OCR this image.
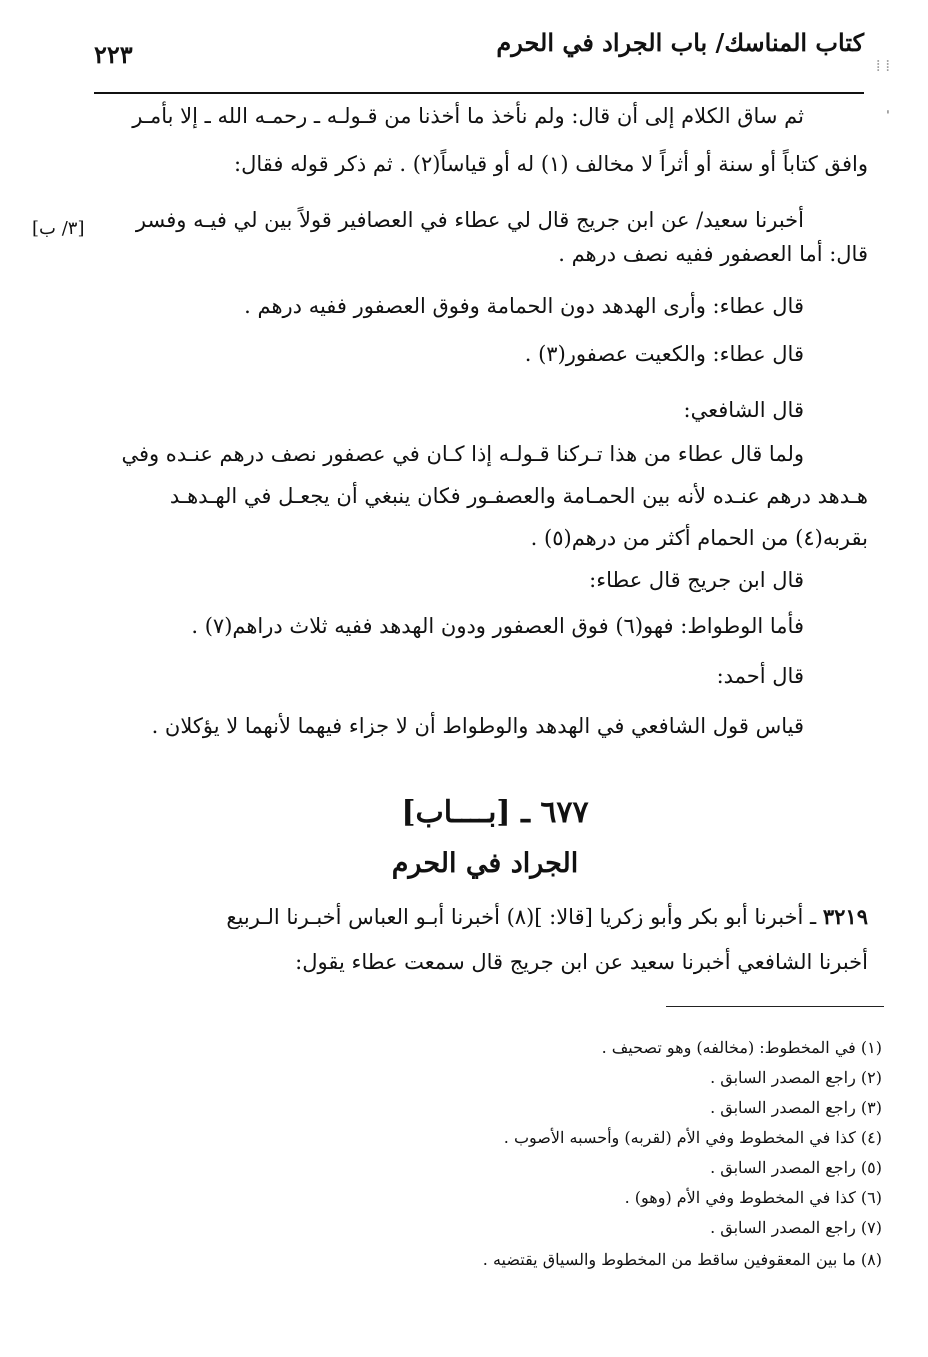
كتاب المناسك/ باب الجراد في الحرم
٢٢٣	⁞ ⁞
ˌ
ثم ساق الكلام إلى أن قال: ولم نأخذ ما أخذنا من قـولـه ـ رحمـه الله ـ إلا بأمـر
وافق كتاباً أو سنة أو أثراً لا مخالف (١) له أو قياساً(٢) . ثم ذكر قوله فقال:
أخبرنا سعيد/ عن ابن جريج قال لي عطاء في العصافير قولاً بين لي فيـه وفسر
[٣/ ب]
قال: أما العصفور ففيه نصف درهم .
قال عطاء: وأرى الهدهد دون الحمامة وفوق العصفور ففيه درهم .
قال عطاء: والكعيت عصفور(٣) .
قال الشافعي:
ولما قال عطاء من هذا تـركنا قـولـه إذا كـان في عصفور نصف درهم عنـده وفي
هـدهد درهم عنـده لأنه بين الحمـامة والعصفـور فكان ينبغي أن يجعـل في الهـدهـد
بقربه(٤) من الحمام أكثر من درهم(٥) .
قال ابن جريج قال عطاء:
فأما الوطواط: فهو(٦) فوق العصفور ودون الهدهد ففيه ثلاث دراهم(٧) .
قال أحمد:
قياس قول الشافعي في الهدهد والوطواط أن لا جزاء فيهما لأنهما لا يؤكلان .
٦٧٧ ـ [بــــاب]
الجراد في الحرم
٣٢١٩ ـ أخبرنا أبو بكر وأبو زكريا [قالا: ](٨) أخبرنا أبـو العباس أخبـرنا الـربيع
أخبرنا الشافعي أخبرنا سعيد عن ابن جريج قال سمعت عطاء يقول:
(١) في المخطوط: (مخالفه) وهو تصحيف .
(٢) راجع المصدر السابق .
(٣) راجع المصدر السابق .
(٤) كذا في المخطوط وفي الأم (لقربه) وأحسبه الأصوب .
(٥) راجع المصدر السابق .
(٦) كذا في المخطوط وفي الأم (وهو) .
(٧) راجع المصدر السابق .
(٨) ما بين المعقوفين ساقط من المخطوط والسياق يقتضيه .
